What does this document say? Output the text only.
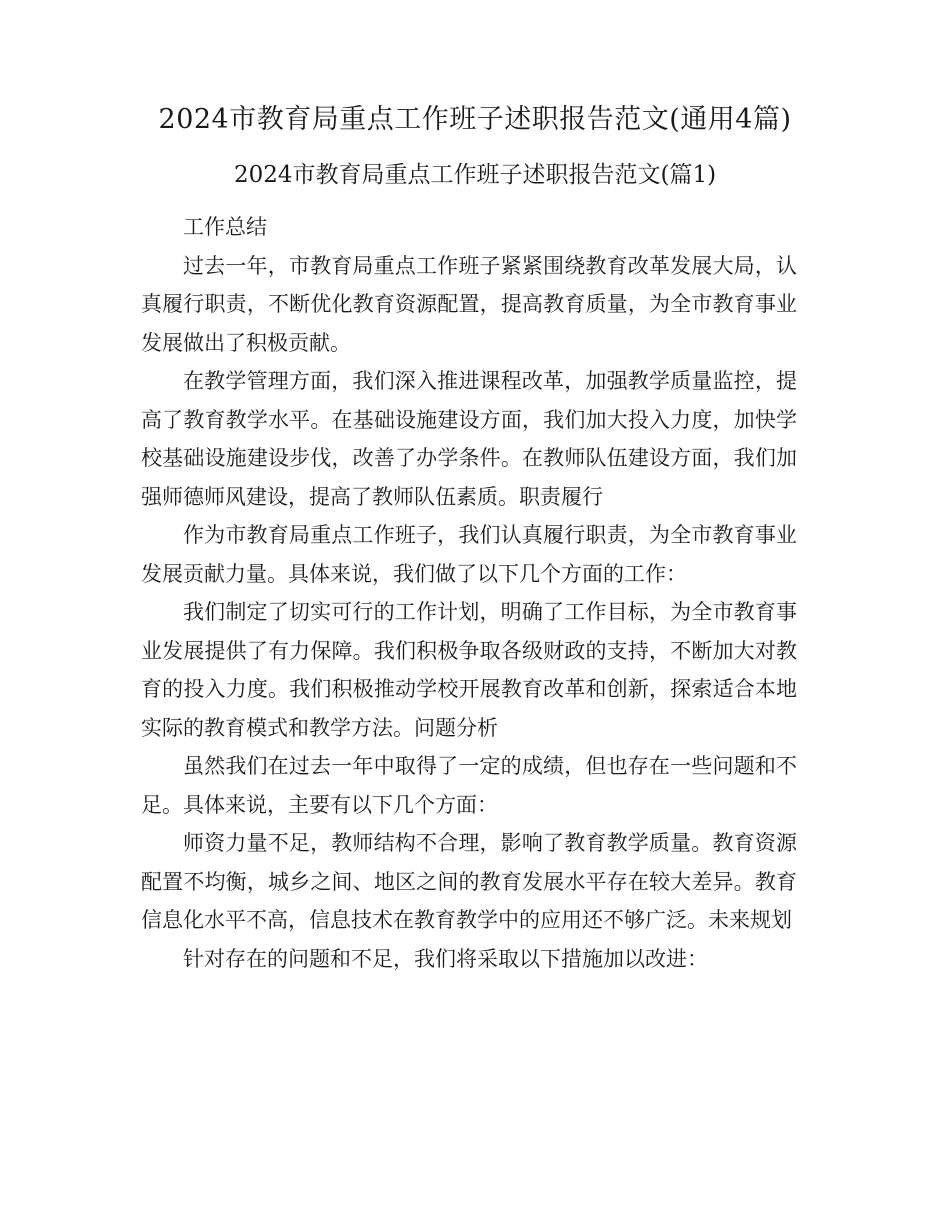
2024市教育局重点工作班子述职报告范文(通用4篇)
2024市教育局重点工作班子述职报告范文(篇1)

工作总结

过去一年，市教育局重点工作班子紧紧围绕教育改革发展大局，认真履行职责，不断优化教育资源配置，提高教育质量，为全市教育事业发展做出了积极贡献。

在教学管理方面，我们深入推进课程改革，加强教学质量监控，提高了教育教学水平。在基础设施建设方面，我们加大投入力度，加快学校基础设施建设步伐，改善了办学条件。在教师队伍建设方面，我们加强师德师风建设，提高了教师队伍素质。职责履行

作为市教育局重点工作班子，我们认真履行职责，为全市教育事业发展贡献力量。具体来说，我们做了以下几个方面的工作：

我们制定了切实可行的工作计划，明确了工作目标，为全市教育事业发展提供了有力保障。我们积极争取各级财政的支持，不断加大对教育的投入力度。我们积极推动学校开展教育改革和创新，探索适合本地实际的教育模式和教学方法。问题分析

虽然我们在过去一年中取得了一定的成绩，但也存在一些问题和不足。具体来说，主要有以下几个方面：

师资力量不足，教师结构不合理，影响了教育教学质量。教育资源配置不均衡，城乡之间、地区之间的教育发展水平存在较大差异。教育信息化水平不高，信息技术在教育教学中的应用还不够广泛。未来规划

针对存在的问题和不足，我们将采取以下措施加以改进：
